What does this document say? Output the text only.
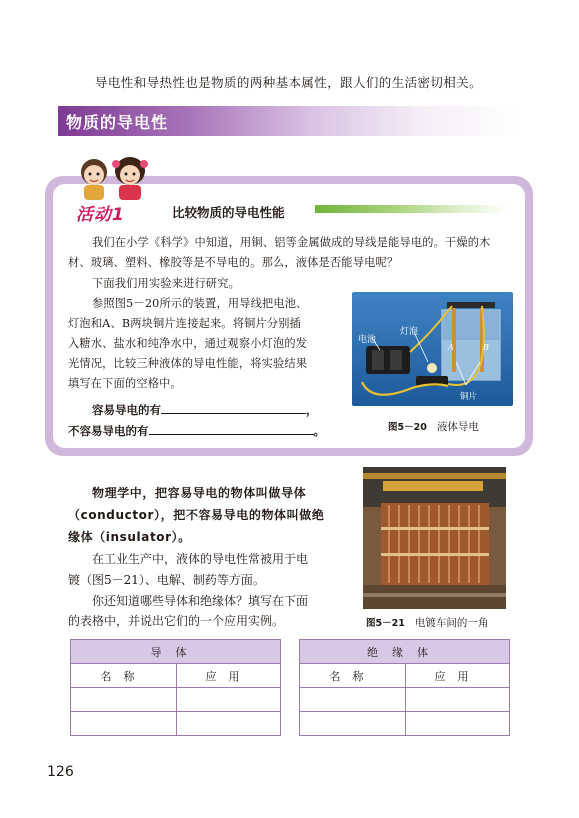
导电性和导热性也是物质的两种基本属性，跟人们的生活密切相关。
物质的导电性
活动1	比较物质的导电性能
我们在小学《科学》中知道，用铜、铝等金属做成的导线是能导电的。干燥的木
材、玻璃、塑料、橡胶等是不导电的。那么，液体是否能导电呢？
下面我们用实验来进行研究。
参照图5－20所示的装置，用导线把电池、
灯泡和A、B两块铜片连接起来。将铜片分别插
入糖水、盐水和纯净水中，通过观察小灯泡的发
光情况，比较三种液体的导电性能，将实验结果
填写在下面的空格中。
容易导电的有	，
不容易导电的有	。
电池
灯泡
A	B
铜片
图5－20 液体导电
物理学中，把容易导电的物体叫做导体
（conductor），把不容易导电的物体叫做绝
缘体（insulator）。
在工业生产中，液体的导电性常被用于电
镀（图5－21）、电解、制药等方面。
你还知道哪些导体和绝缘体？填写在下面
的表格中，并说出它们的一个应用实例。	图5－21 电镀车间的一角
导体	
名称	应用

绝缘体	
名称	应用

126
